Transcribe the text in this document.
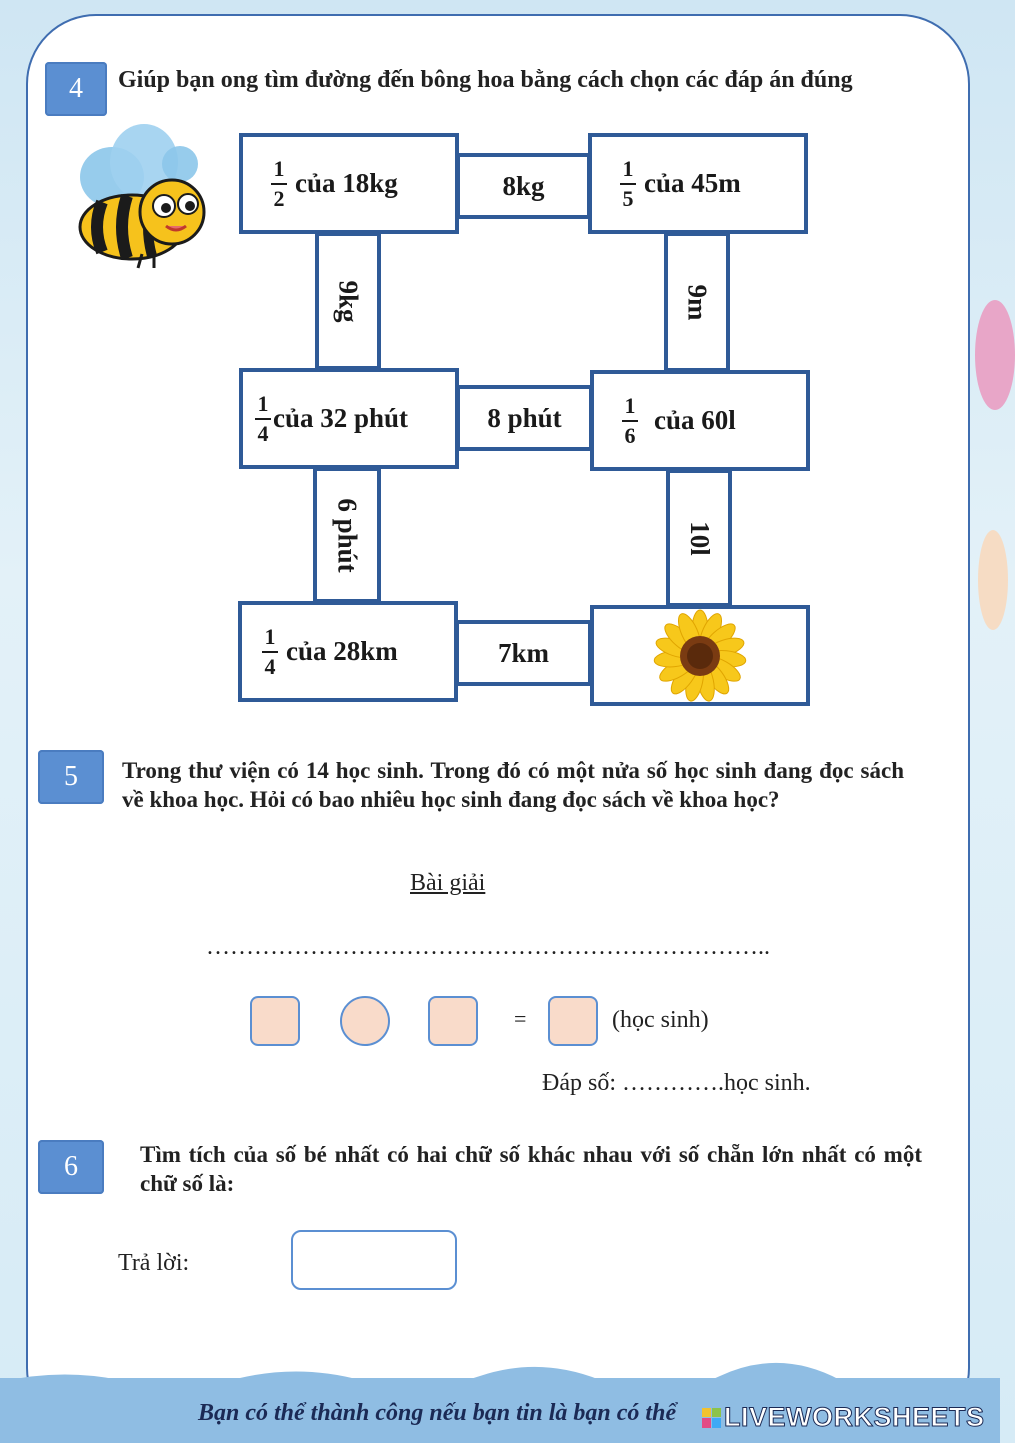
4	Giúp bạn ong tìm đường đến bông hoa bằng cách chọn các đáp án đúng
$\frac{1}{2}$ của 18kg	$\frac{1}{5}$ của 45m
$\frac{1}{4}$ của 32 phút	$\frac{1}{6}$ của 60l
$\frac{1}{4}$ của 28km
8kg
9kg	9m
8 phút
6 phút	10l
7km
5	Trong thư viện có 14 học sinh. Trong đó có một nửa số học sinh đang đọc sách về khoa học. Hỏi có bao nhiêu học sinh đang đọc sách về khoa học?
Bài giải
……………………………………………………………..
=	(học sinh)
Đáp số: ………….học sinh.
6	Tìm tích của số bé nhất có hai chữ số khác nhau với số chẵn lớn nhất có một chữ số là:
Trả lời:
Bạn có thể thành công nếu bạn tin là bạn có thể LIVEWORKSHEETS
